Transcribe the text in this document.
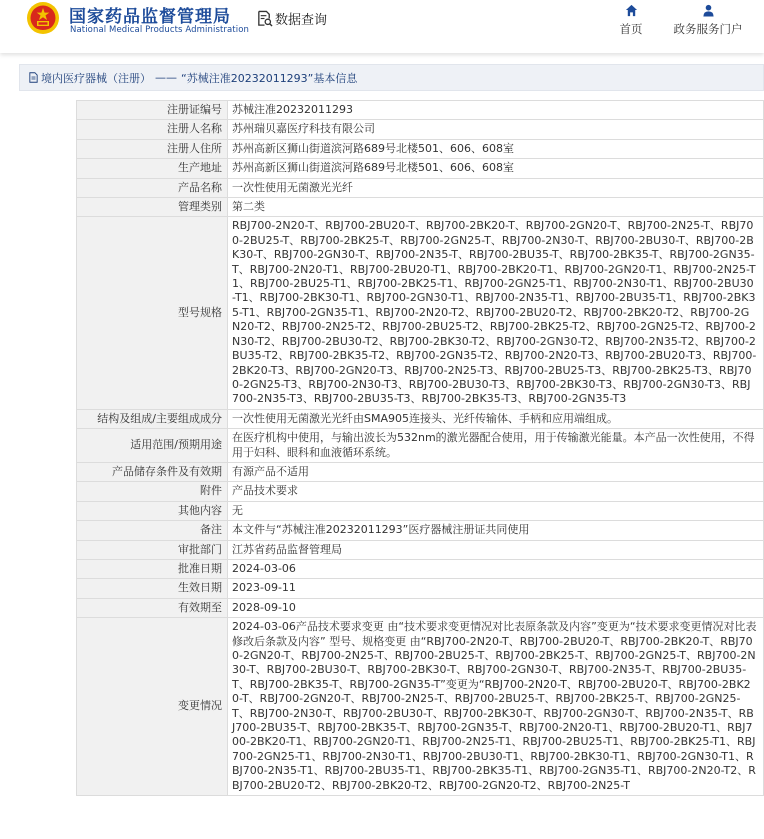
国家药品监督管理局
National Medical Products Administration
数据查询
首页	政务服务门户
境内医疗器械（注册） —— “苏械注准20232011293”基本信息
注册证编号	苏械注准20232011293
注册人名称	苏州瑞贝嘉医疗科技有限公司
注册人住所	苏州高新区狮山街道滨河路689号北楼501、606、608室
生产地址	苏州高新区狮山街道滨河路689号北楼501、606、608室
产品名称	一次性使用无菌激光光纤
管理类别	第二类
型号规格	RBJ700-2N20-T、RBJ700-2BU20-T、RBJ700-2BK20-T、RBJ700-2GN20-T、RBJ700-2N25-T、RBJ700-2BU25-T、RBJ700-2BK25-T、RBJ700-2GN25-T、RBJ700-2N30-T、RBJ700-2BU30-T、RBJ700-2BK30-T、RBJ700-2GN30-T、RBJ700-2N35-T、RBJ700-2BU35-T、RBJ700-2BK35-T、RBJ700-2GN35-T、RBJ700-2N20-T1、RBJ700-2BU20-T1、RBJ700-2BK20-T1、RBJ700-2GN20-T1、RBJ700-2N25-T1、RBJ700-2BU25-T1、RBJ700-2BK25-T1、RBJ700-2GN25-T1、RBJ700-2N30-T1、RBJ700-2BU30-T1、RBJ700-2BK30-T1、RBJ700-2GN30-T1、RBJ700-2N35-T1、RBJ700-2BU35-T1、RBJ700-2BK35-T1、RBJ700-2GN35-T1、RBJ700-2N20-T2、RBJ700-2BU20-T2、RBJ700-2BK20-T2、RBJ700-2GN20-T2、RBJ700-2N25-T2、RBJ700-2BU25-T2、RBJ700-2BK25-T2、RBJ700-2GN25-T2、RBJ700-2N30-T2、RBJ700-2BU30-T2、RBJ700-2BK30-T2、RBJ700-2GN30-T2、RBJ700-2N35-T2、RBJ700-2BU35-T2、RBJ700-2BK35-T2、RBJ700-2GN35-T2、RBJ700-2N20-T3、RBJ700-2BU20-T3、RBJ700-2BK20-T3、RBJ700-2GN20-T3、RBJ700-2N25-T3、RBJ700-2BU25-T3、RBJ700-2BK25-T3、RBJ700-2GN25-T3、RBJ700-2N30-T3、RBJ700-2BU30-T3、RBJ700-2BK30-T3、RBJ700-2GN30-T3、RBJ700-2N35-T3、RBJ700-2BU35-T3、RBJ700-2BK35-T3、RBJ700-2GN35-T3
结构及组成/主要组成成分	一次性使用无菌激光光纤由SMA905连接头、光纤传输体、手柄和应用端组成。
适用范围/预期用途	在医疗机构中使用，与输出波长为532nm的激光器配合使用，用于传输激光能量。本产品一次性使用，不得用于妇科、眼科和血液循环系统。
产品储存条件及有效期	有源产品不适用
附件	产品技术要求
其他内容	无
备注	本文件与“苏械注准20232011293”医疗器械注册证共同使用
审批部门	江苏省药品监督管理局
批准日期	2024-03-06
生效日期	2023-09-11
有效期至	2028-09-10
变更情况	2024-03-06产品技术要求变更 由“技术要求变更情况对比表原条款及内容”变更为“技术要求变更情况对比表修改后条款及内容” 型号、规格变更 由“RBJ700-2N20-T、RBJ700-2BU20-T、RBJ700-2BK20-T、RBJ700-2GN20-T、RBJ700-2N25-T、RBJ700-2BU25-T、RBJ700-2BK25-T、RBJ700-2GN25-T、RBJ700-2N30-T、RBJ700-2BU30-T、RBJ700-2BK30-T、RBJ700-2GN30-T、RBJ700-2N35-T、RBJ700-2BU35-T、RBJ700-2BK35-T、RBJ700-2GN35-T”变更为“RBJ700-2N20-T、RBJ700-2BU20-T、RBJ700-2BK20-T、RBJ700-2GN20-T、RBJ700-2N25-T、RBJ700-2BU25-T、RBJ700-2BK25-T、RBJ700-2GN25-T、RBJ700-2N30-T、RBJ700-2BU30-T、RBJ700-2BK30-T、RBJ700-2GN30-T、RBJ700-2N35-T、RBJ700-2BU35-T、RBJ700-2BK35-T、RBJ700-2GN35-T、RBJ700-2N20-T1、RBJ700-2BU20-T1、RBJ700-2BK20-T1、RBJ700-2GN20-T1、RBJ700-2N25-T1、RBJ700-2BU25-T1、RBJ700-2BK25-T1、RBJ700-2GN25-T1、RBJ700-2N30-T1、RBJ700-2BU30-T1、RBJ700-2BK30-T1、RBJ700-2GN30-T1、RBJ700-2N35-T1、RBJ700-2BU35-T1、RBJ700-2BK35-T1、RBJ700-2GN35-T1、RBJ700-2N20-T2、RBJ700-2BU20-T2、RBJ700-2BK20-T2、RBJ700-2GN20-T2、RBJ700-2N25-T
